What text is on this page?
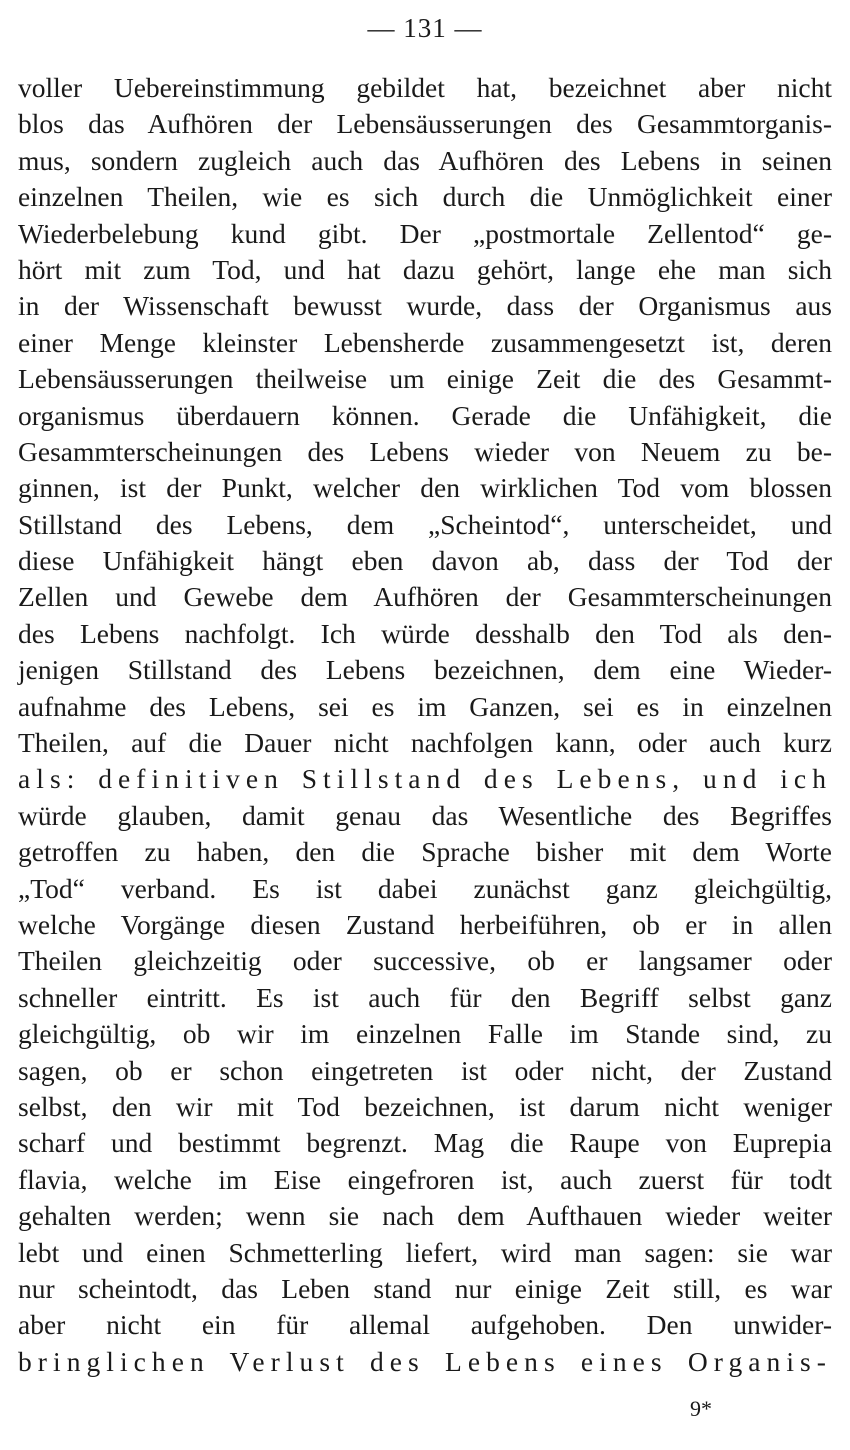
— 131 —
voller Uebereinstimmung gebildet hat, bezeichnet aber nicht
blos das Aufhören der Lebensäusserungen des Gesammtorganis-
mus, sondern zugleich auch das Aufhören des Lebens in seinen
einzelnen Theilen, wie es sich durch die Unmöglichkeit einer
Wiederbelebung kund gibt. Der „postmortale Zellentod“ ge-
hört mit zum Tod, und hat dazu gehört, lange ehe man sich
in der Wissenschaft bewusst wurde, dass der Organismus aus
einer Menge kleinster Lebensherde zusammengesetzt ist, deren
Lebensäusserungen theilweise um einige Zeit die des Gesammt-
organismus überdauern können. Gerade die Unfähigkeit, die
Gesammterscheinungen des Lebens wieder von Neuem zu be-
ginnen, ist der Punkt, welcher den wirklichen Tod vom blossen
Stillstand des Lebens, dem „Scheintod“, unterscheidet, und
diese Unfähigkeit hängt eben davon ab, dass der Tod der
Zellen und Gewebe dem Aufhören der Gesammterscheinungen
des Lebens nachfolgt. Ich würde desshalb den Tod als den-
jenigen Stillstand des Lebens bezeichnen, dem eine Wieder-
aufnahme des Lebens, sei es im Ganzen, sei es in einzelnen
Theilen, auf die Dauer nicht nachfolgen kann, oder auch kurz
als: definitiven Stillstand des Lebens, und ich
würde glauben, damit genau das Wesentliche des Begriffes
getroffen zu haben, den die Sprache bisher mit dem Worte
„Tod“ verband. Es ist dabei zunächst ganz gleichgültig,
welche Vorgänge diesen Zustand herbeiführen, ob er in allen
Theilen gleichzeitig oder successive, ob er langsamer oder
schneller eintritt. Es ist auch für den Begriff selbst ganz
gleichgültig, ob wir im einzelnen Falle im Stande sind, zu
sagen, ob er schon eingetreten ist oder nicht, der Zustand
selbst, den wir mit Tod bezeichnen, ist darum nicht weniger
scharf und bestimmt begrenzt. Mag die Raupe von Euprepia
flavia, welche im Eise eingefroren ist, auch zuerst für todt
gehalten werden; wenn sie nach dem Aufthauen wieder weiter
lebt und einen Schmetterling liefert, wird man sagen: sie war
nur scheintodt, das Leben stand nur einige Zeit still, es war
aber nicht ein für allemal aufgehoben. Den unwider-
bringlichen Verlust des Lebens eines Organis-
9*
